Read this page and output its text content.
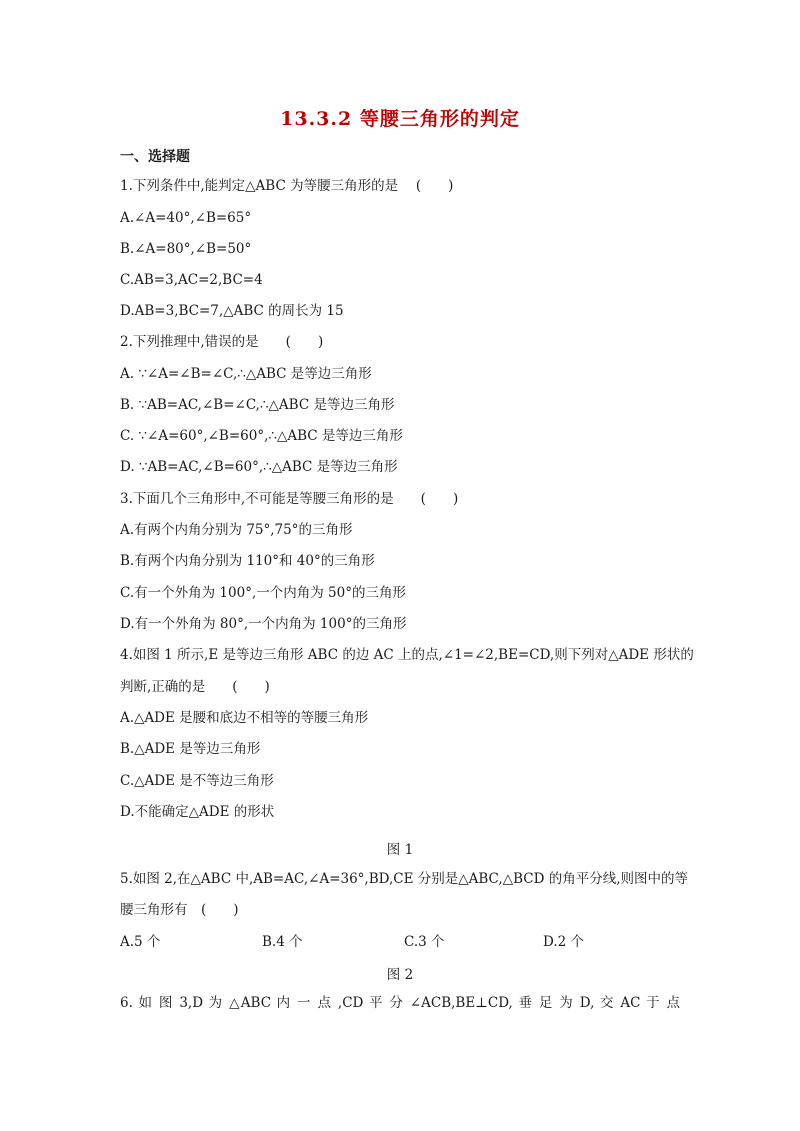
13.3.2 等腰三角形的判定
一、选择题
1.下列条件中,能判定△ABC 为等腰三角形的是　 (　　)
A.∠A=40°,∠B=65°
B.∠A=80°,∠B=50°
C.AB=3,AC=2,BC=4
D.AB=3,BC=7,△ABC 的周长为 15
2.下列推理中,错误的是　　(　　)
A. ∵∠A=∠B=∠C,∴△ABC 是等边三角形
B. ∵AB=AC,∠B=∠C,∴△ABC 是等边三角形
C. ∵∠A=60°,∠B=60°,∴△ABC 是等边三角形
D. ∵AB=AC,∠B=60°,∴△ABC 是等边三角形
3.下面几个三角形中,不可能是等腰三角形的是　　(　　)
A.有两个内角分别为 75°,75°的三角形
B.有两个内角分别为 110°和 40°的三角形
C.有一个外角为 100°,一个内角为 50°的三角形
D.有一个外角为 80°,一个内角为 100°的三角形
4.如图 1 所示,E 是等边三角形 ABC 的边 AC 上的点,∠1=∠2,BE=CD,则下列对△ADE 形状的
判断,正确的是　　(　　)
A.△ADE 是腰和底边不相等的等腰三角形
B.△ADE 是等边三角形
C.△ADE 是不等边三角形
D.不能确定△ADE 的形状
图 1
5.如图 2,在△ABC 中,AB=AC,∠A=36°,BD,CE 分别是△ABC,△BCD 的角平分线,则图中的等
腰三角形有　(　　)
A.5 个	B.4 个	C.3 个	D.2 个
图 2
6. 如 图 3,D 为 △ABC 内 一 点 ,CD 平 分 ∠ACB,BE⊥CD, 垂 足 为 D, 交 AC 于 点
